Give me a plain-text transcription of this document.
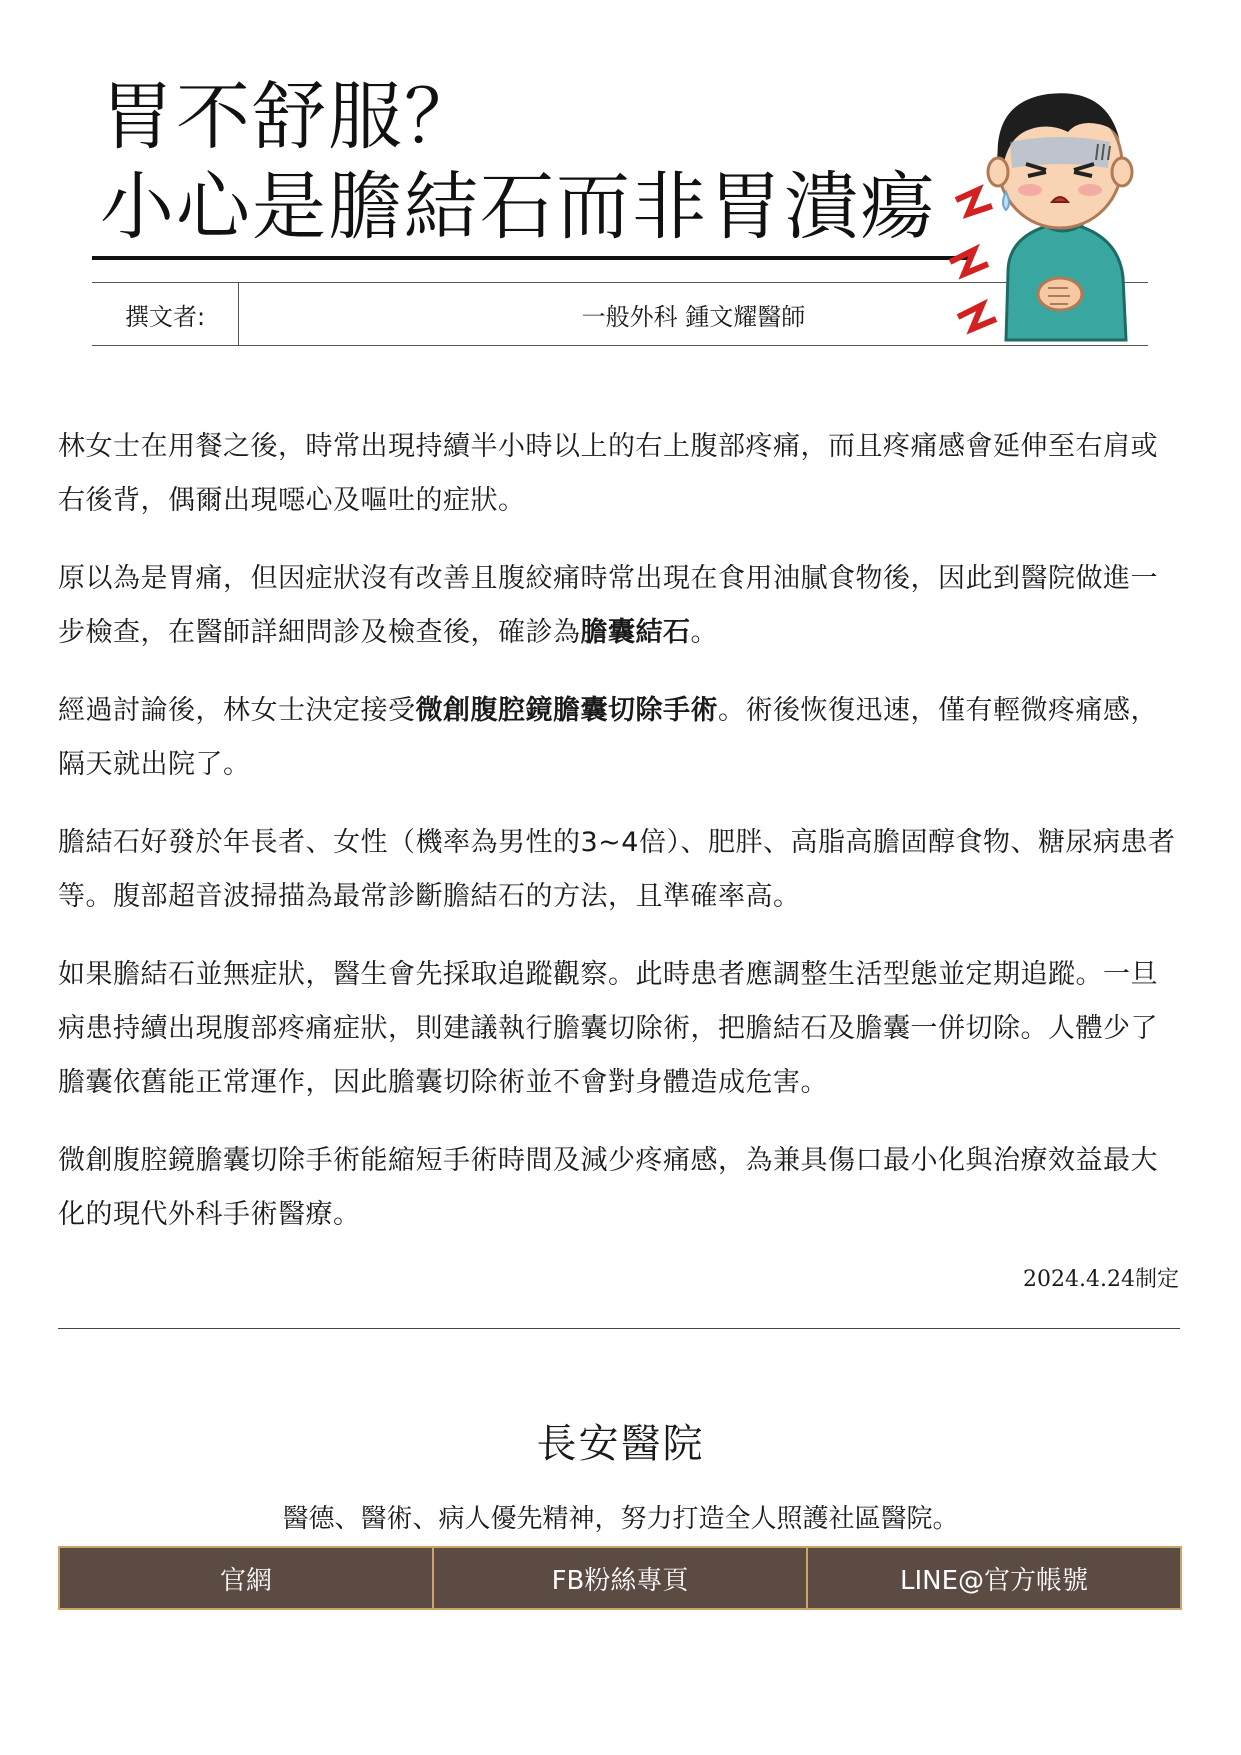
胃不舒服？
小心是膽結石而非胃潰瘍
撰文者:	一般外科 鍾文耀醫師

林女士在用餐之後，時常出現持續半小時以上的右上腹部疼痛，而且疼痛感會延伸至右肩或右後背，偶爾出現噁心及嘔吐的症狀。

原以為是胃痛，但因症狀沒有改善且腹絞痛時常出現在食用油膩食物後，因此到醫院做進一步檢查，在醫師詳細問診及檢查後，確診為膽囊結石。

經過討論後，林女士決定接受微創腹腔鏡膽囊切除手術。術後恢復迅速，僅有輕微疼痛感，隔天就出院了。

膽結石好發於年長者、女性（機率為男性的3~4倍）、肥胖、高脂高膽固醇食物、糖尿病患者等。腹部超音波掃描為最常診斷膽結石的方法，且準確率高。

如果膽結石並無症狀，醫生會先採取追蹤觀察。此時患者應調整生活型態並定期追蹤。一旦病患持續出現腹部疼痛症狀，則建議執行膽囊切除術，把膽結石及膽囊一併切除。人體少了膽囊依舊能正常運作，因此膽囊切除術並不會對身體造成危害。

微創腹腔鏡膽囊切除手術能縮短手術時間及減少疼痛感，為兼具傷口最小化與治療效益最大化的現代外科手術醫療。

2024.4.24制定
長安醫院
醫德、醫術、病人優先精神，努力打造全人照護社區醫院。
官網	FB粉絲專頁	LINE@官方帳號
